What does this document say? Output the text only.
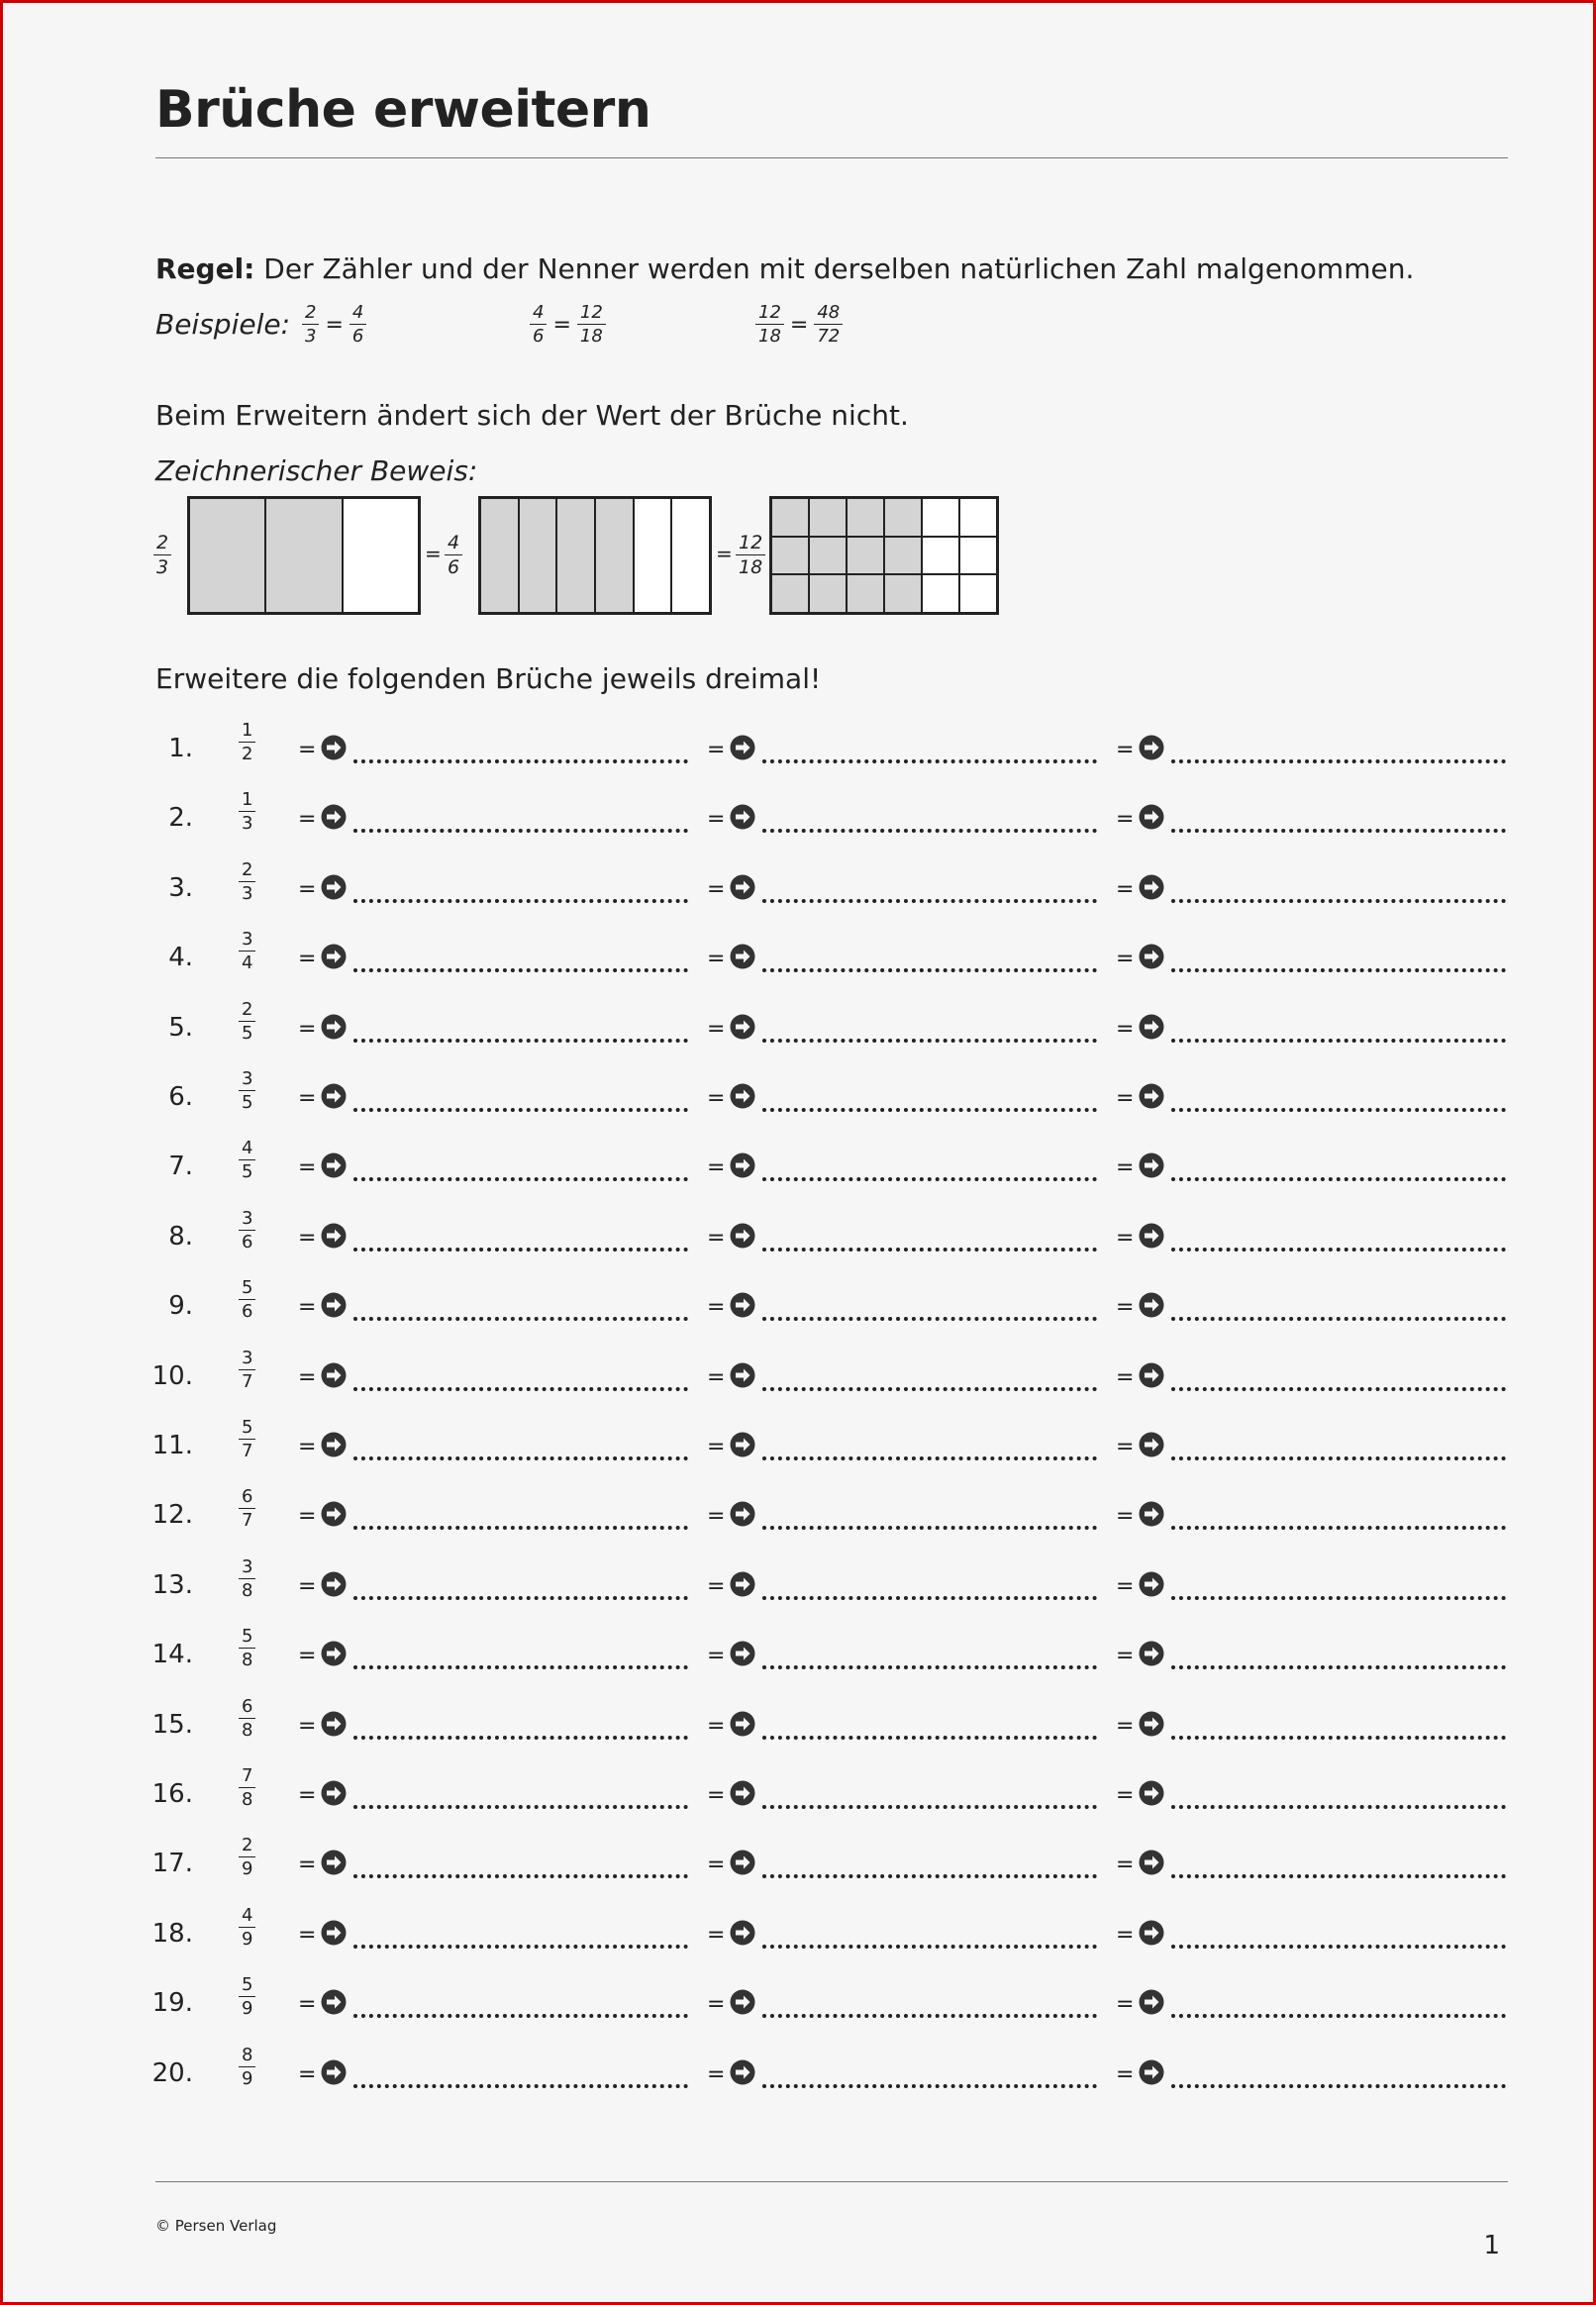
Brüche erweitern
Regel: Der Zähler und der Nenner werden mit derselben natürlichen Zahl malgenommen.
Beispiele: $\frac{2}{3} = \frac{4}{6}$	$\frac{4}{6} = \frac{12}{18}$	$\frac{12}{18} = \frac{48}{72}$
Beim Erweitern ändert sich der Wert der Brüche nicht.
Zeichnerischer Beweis:
$\frac{2}{3}$	= $\frac{4}{6}$	= $\frac{12}{18}$
Erweitere die folgenden Brüche jeweils dreimal!
1.	$\frac{1}{2}$ =	=	=
2.	$\frac{1}{3}$ =	=	=
3.	$\frac{2}{3}$ =	=	=
4.	$\frac{3}{4}$ =	=	=
5.	$\frac{2}{5}$ =	=	=
6.	$\frac{3}{5}$ =	=	=
7.	$\frac{4}{5}$ =	=	=
8.	$\frac{3}{6}$ =	=	=
9.	$\frac{5}{6}$ =	=	=
10.	$\frac{3}{7}$ =	=	=
11.	$\frac{5}{7}$ =	=	=
12.	$\frac{6}{7}$ =	=	=
13.	$\frac{3}{8}$ =	=	=
14.	$\frac{5}{8}$ =	=	=
15.	$\frac{6}{8}$ =	=	=
16.	$\frac{7}{8}$ =	=	=
17.	$\frac{2}{9}$ =	=	=
18.	$\frac{4}{9}$ =	=	=
19.	$\frac{5}{9}$ =	=	=
20.	$\frac{8}{9}$ =	=	=
© Persen Verlag
1
